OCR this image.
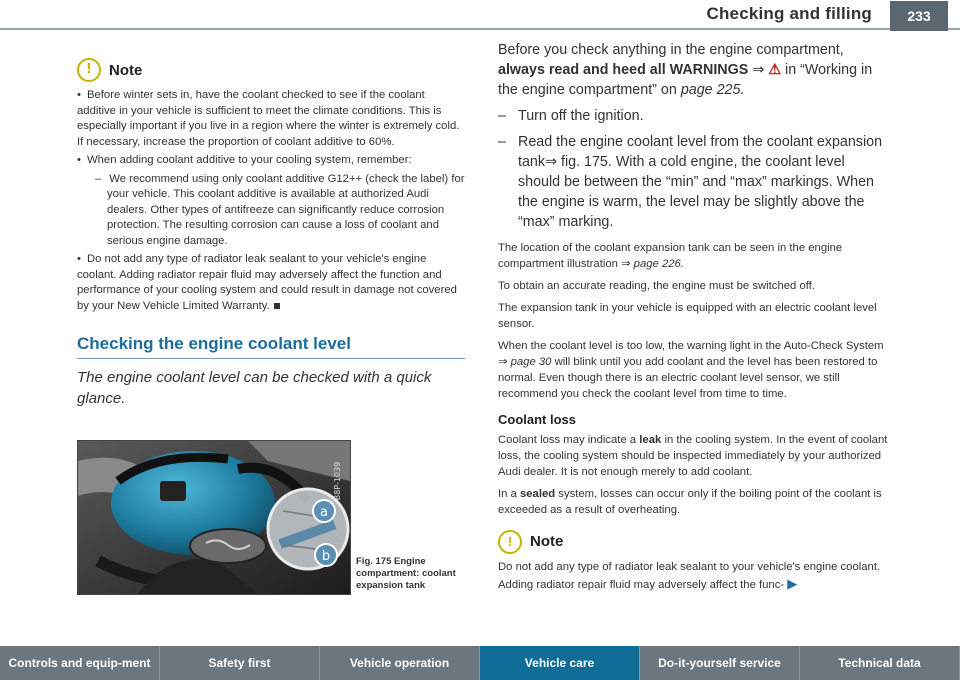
Checking and filling	233
!	Note

• Before winter sets in, have the coolant checked to see if the coolant additive in your vehicle is sufficient to meet the climate conditions. This is especially important if you live in a region where the winter is extremely cold. If necessary, increase the proportion of coolant additive to 60%.

• When adding coolant additive to your cooling system, remember:

– We recommend using only coolant additive G12++ (check the label) for your vehicle. This coolant additive is available at authorized Audi dealers. Other types of antifreeze can significantly reduce corrosion protection. The resulting corrosion can cause a loss of coolant and serious engine damage.

• Do not add any type of radiator leak sealant to your vehicle's engine coolant. Adding radiator repair fluid may adversely affect the function and performance of your cooling system and could result in damage not covered by your New Vehicle Limited Warranty.

Checking the engine coolant level

The engine coolant level can be checked with a quick glance.

a
b
B8P-1039
Fig. 175 Engine compartment: coolant expansion tank

Before you check anything in the engine compartment, always read and heed all WARNINGS ⇒ ⚠ in “Working in the engine compartment” on page 225.

– Turn off the ignition.

– Read the engine coolant level from the coolant expansion tank⇒ fig. 175. With a cold engine, the coolant level should be between the “min” and “max” markings. When the engine is warm, the level may be slightly above the “max” marking.

The location of the coolant expansion tank can be seen in the engine compartment illustration ⇒ page 226.

To obtain an accurate reading, the engine must be switched off.

The expansion tank in your vehicle is equipped with an electric coolant level sensor.

When the coolant level is too low, the warning light in the Auto-Check System ⇒ page 30 will blink until you add coolant and the level has been restored to normal. Even though there is an electric coolant level sensor, we still recommend you check the coolant level from time to time.

Coolant loss

Coolant loss may indicate a leak in the cooling system. In the event of coolant loss, the cooling system should be inspected immediately by your authorized Audi dealer. It is not enough merely to add coolant.

In a sealed system, losses can occur only if the boiling point of the coolant is exceeded as a result of overheating.

!	Note

Do not add any type of radiator leak sealant to your vehicle's engine coolant. Adding radiator repair fluid may adversely affect the func- ▶

Controls and equip-ment	Safety first	Vehicle operation	Vehicle care	Do-it-yourself service	Technical data
